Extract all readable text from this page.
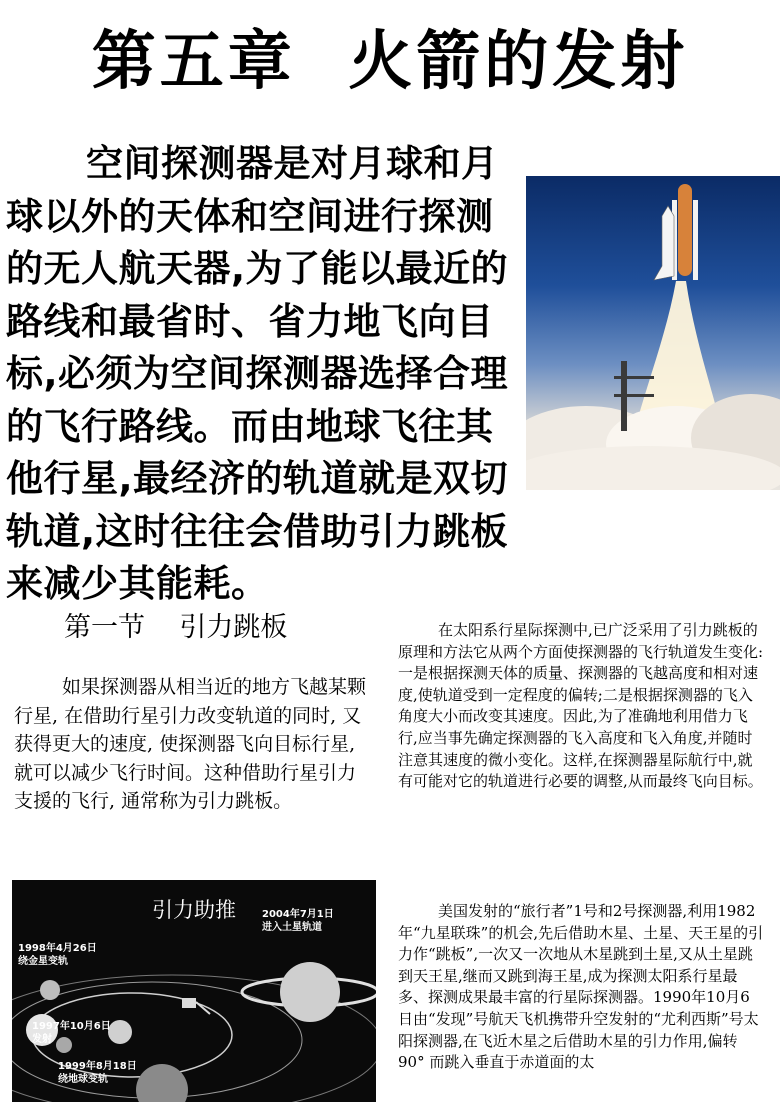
第五章  火箭的发射

空间探测器是对月球和月球以外的天体和空间进行探测的无人航天器,为了能以最近的路线和最省时、省力地飞向目标,必须为空间探测器选择合理的飞行路线。而由地球飞往其他行星,最经济的轨道就是双切轨道,这时往往会借助引力跳板来减少其能耗。

第一节    引力跳板

如果探测器从相当近的地方飞越某颗行星, 在借助行星引力改变轨道的同时, 又获得更大的速度, 使探测器飞向目标行星, 就可以减少飞行时间。这种借助行星引力支援的飞行, 通常称为引力跳板。

在太阳系行星际探测中,已广泛采用了引力跳板的原理和方法它从两个方面使探测器的飞行轨道发生变化:一是根据探测天体的质量、探测器的飞越高度和相对速度,使轨道受到一定程度的偏转;二是根据探测器的飞入角度大小而改变其速度。因此,为了准确地利用借力飞行,应当事先确定探测器的飞入高度和飞入角度,并随时注意其速度的微小变化。这样,在探测器星际航行中,就有可能对它的轨道进行必要的调整,从而最终飞向目标。

引力助推
1998年4月26日
绕金星变轨
2004年7月1日
进入土星轨道
1997年10月6日
发射
1999年8月18日
绕地球变轨

美国发射的“旅行者”1号和2号探测器,利用1982年“九星联珠”的机会,先后借助木星、土星、天王星的引力作“跳板”,一次又一次地从木星跳到土星,又从土星跳到天王星,继而又跳到海王星,成为探测太阳系行星最多、探测成果最丰富的行星际探测器。1990年10月6日由“发现”号航天飞机携带升空发射的“尤利西斯”号太阳探测器,在飞近木星之后借助木星的引力作用,偏转90° 而跳入垂直于赤道面的太
